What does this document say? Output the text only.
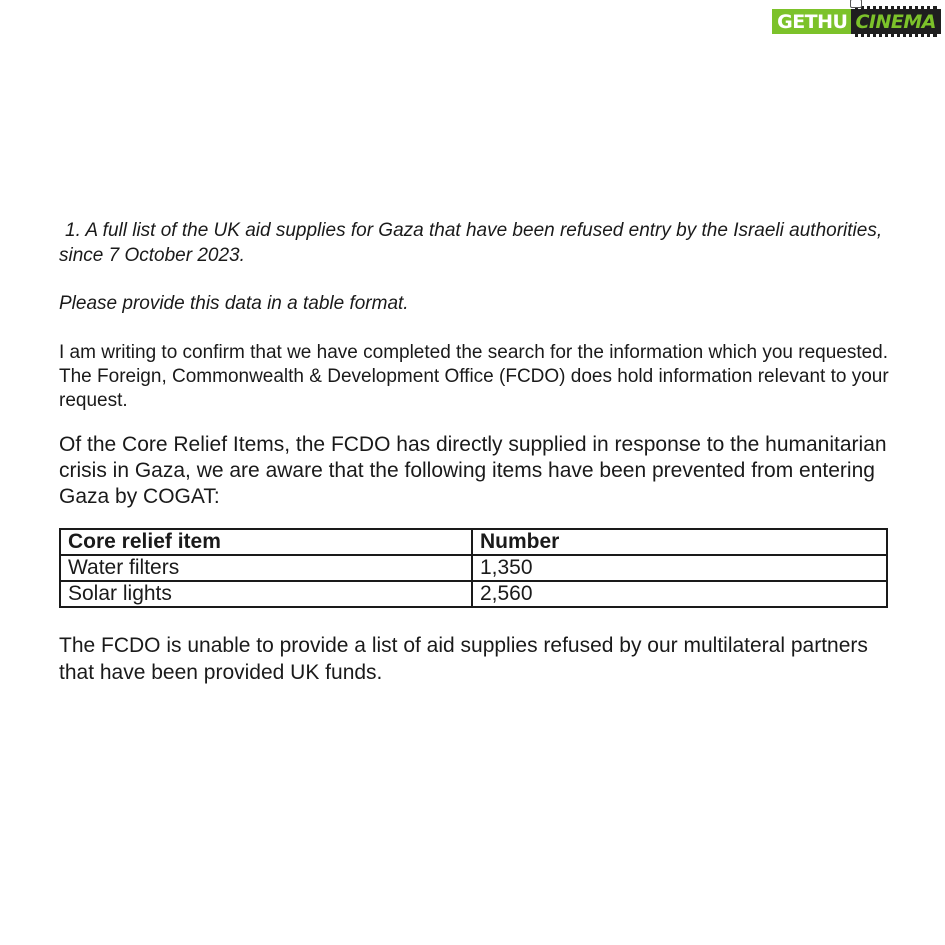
GETHU CINEMA

1. A full list of the UK aid supplies for Gaza that have been refused entry by the Israeli authorities, since 7 October 2023.

Please provide this data in a table format.

I am writing to confirm that we have completed the search for the information which you requested. The Foreign, Commonwealth & Development Office (FCDO) does hold information relevant to your request.

Of the Core Relief Items, the FCDO has directly supplied in response to the humanitarian crisis in Gaza, we are aware that the following items have been prevented from entering Gaza by COGAT:

Core relief item	Number
Water filters	1,350
Solar lights	2,560

The FCDO is unable to provide a list of aid supplies refused by our multilateral partners that have been provided UK funds.
